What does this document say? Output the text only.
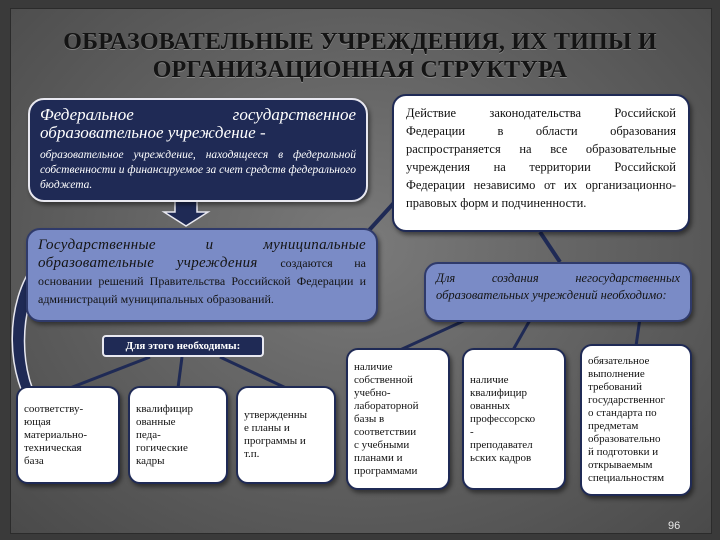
ОБРАЗОВАТЕЛЬНЫЕ УЧРЕЖДЕНИЯ, ИХ ТИПЫ И ОРГАНИЗАЦИОННАЯ СТРУКТУРА
Федеральное государственное образовательное учреждение -
образовательное учреждение, находящееся в федеральной собственности и финансируемое за счет средств федерального бюджета.
Действие законодательства Российской Федерации в области образования распространяется на все образовательные учреждения на территории Российской Федерации независимо от их организационно-правовых форм и подчиненности.
Государственные и муниципальные образовательные учреждения создаются на основании решений Правительства Российской Федерации и администраций муниципальных образований.
Для создания негосударственных образовательных учреждений необходимо:
Для этого необходимы:
соответству-
ющая
материально-
техническая
база
квалифицир
ованные
педа-
гогические
кадры
утвержденны
е планы и
программы и
т.п.
наличие
собственной
учебно-
лабораторной
базы в
соответствии
с учебными
планами и
программами
наличие
квалифицир
ованных
профессорско
-
преподавател
ьских кадров
обязательное
выполнение
требований
государственног
о стандарта по
предметам
образовательно
й подготовки и
открываемым
специальностям
96
